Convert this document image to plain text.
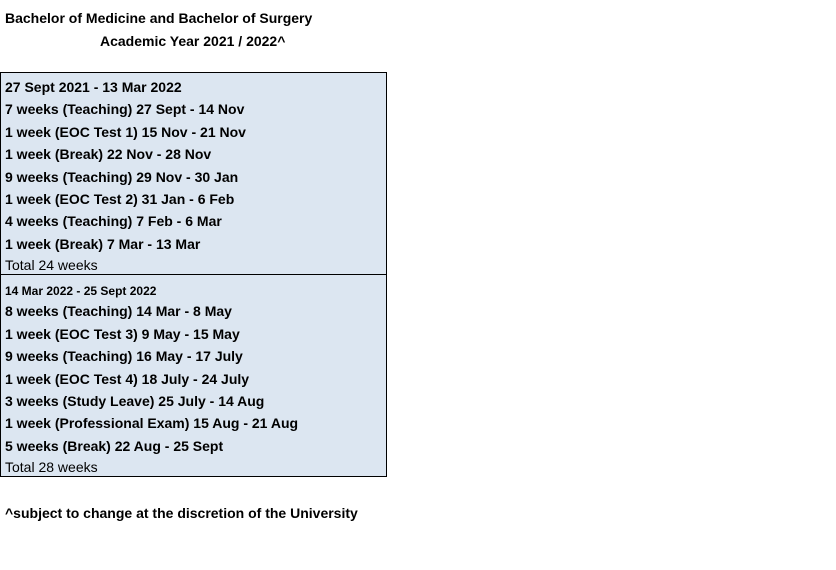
Bachelor of Medicine and Bachelor of Surgery
Academic Year 2021 / 2022^
27 Sept 2021 - 13 Mar 2022
7 weeks (Teaching) 27 Sept - 14 Nov
1 week (EOC Test 1) 15 Nov - 21 Nov
1 week (Break) 22 Nov - 28 Nov
9 weeks (Teaching) 29 Nov - 30 Jan
1 week (EOC Test 2) 31 Jan - 6 Feb
4 weeks (Teaching) 7 Feb - 6 Mar
1 week (Break) 7 Mar - 13 Mar
Total 24 weeks
14 Mar 2022 - 25 Sept 2022
8 weeks (Teaching) 14 Mar - 8 May
1 week (EOC Test 3) 9 May - 15 May
9 weeks (Teaching) 16 May - 17 July
1 week (EOC Test 4) 18 July - 24 July
3 weeks (Study Leave) 25 July - 14 Aug
1 week (Professional Exam) 15 Aug - 21 Aug
5 weeks (Break) 22 Aug - 25 Sept
Total 28 weeks
^subject to change at the discretion of the University
